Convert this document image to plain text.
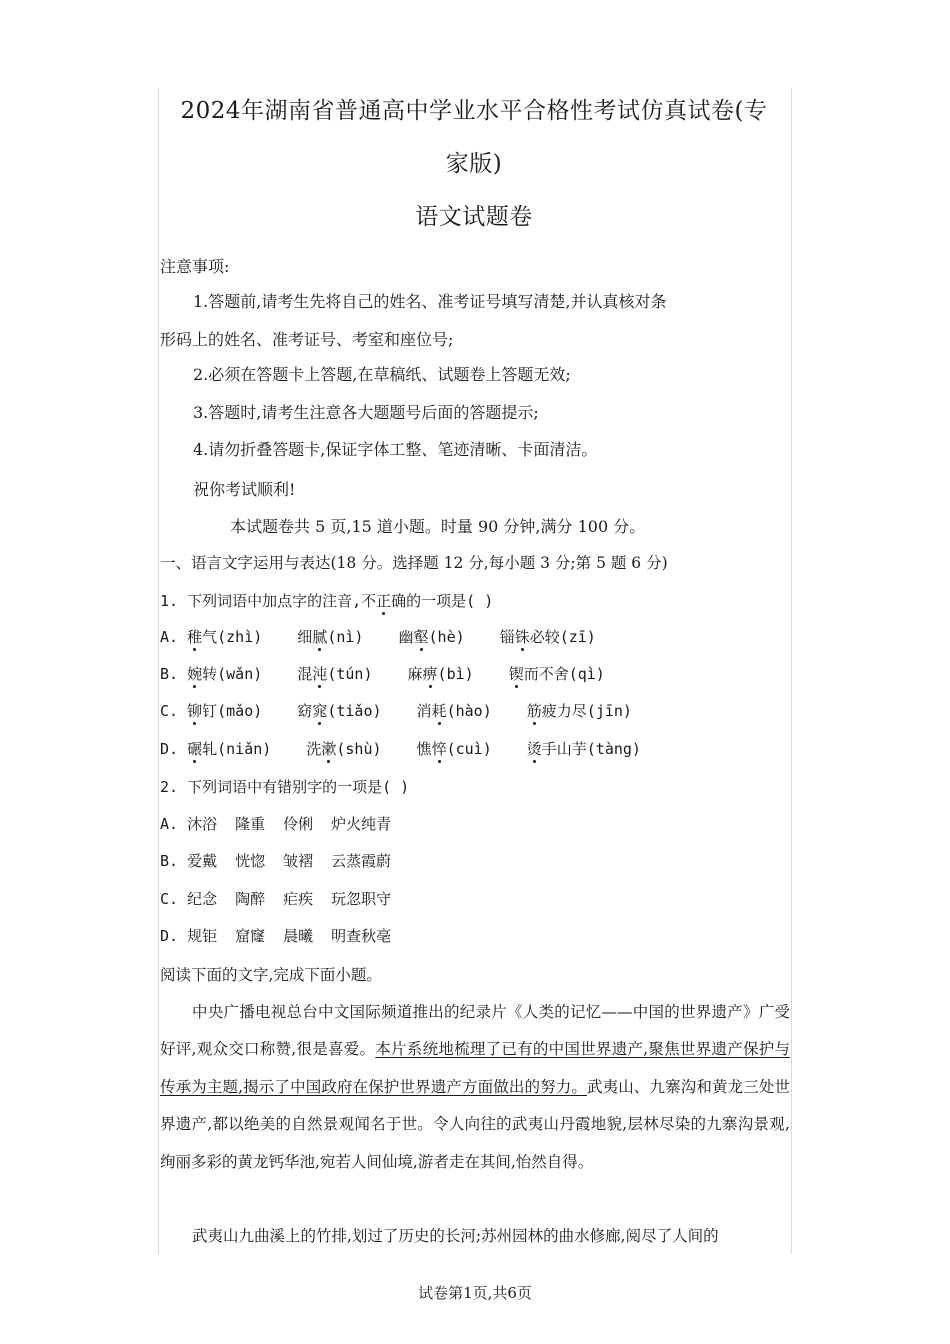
2024年湖南省普通高中学业水平合格性考试仿真试卷(专
家版)
语文试题卷
注意事项:
1.答题前,请考生先将自己的姓名、准考证号填写清楚,并认真核对条
形码上的姓名、准考证号、考室和座位号;
2.必须在答题卡上答题,在草稿纸、试题卷上答题无效;
3.答题时,请考生注意各大题题号后面的答题提示;
4.请勿折叠答题卡,保证字体工整、笔迹清晰、卡面清洁。
祝你考试顺利!
本试题卷共 5 页,15 道小题。时量 90 分钟,满分 100 分。
一、语言文字运用与表达(18 分。选择题 12 分,每小题 3 分;第 5 题 6 分)
1. 下列词语中加点字的注音,不正确的一项是( )
A. 稚气(zhì) 细腻(nì) 幽壑(hè) 锱铢必较(zī)
B. 婉转(wǎn) 混沌(tún) 麻痹(bì) 锲而不舍(qì)
C. 铆钉(mǎo) 窈窕(tiǎo) 消耗(hào) 筋疲力尽(jīn)
D. 碾轧(niǎn) 洗漱(shù) 憔悴(cuì) 烫手山芋(tàng)
2. 下列词语中有错别字的一项是( )
A. 沐浴 隆重 伶俐 炉火纯青
B. 爱戴 恍惚 皱褶 云蒸霞蔚
C. 纪念 陶醉 疟疾 玩忽职守
D. 规钜 窟窿 晨曦 明查秋亳
阅读下面的文字,完成下面小题。
中央广播电视总台中文国际频道推出的纪录片《人类的记忆——中国的世界遗产》广受好评,观众交口称赞,很是喜爱。本片系统地梳理了已有的中国世界遗产,聚焦世界遗产保护与传承为主题,揭示了中国政府在保护世界遗产方面做出的努力。武夷山、九寨沟和黄龙三处世界遗产,都以绝美的自然景观闻名于世。令人向往的武夷山丹霞地貌,层林尽染的九寨沟景观,绚丽多彩的黄龙钙华池,宛若人间仙境,游者走在其间,怡然自得。
武夷山九曲溪上的竹排,划过了历史的长河;苏州园林的曲水修廊,阅尽了人间的
试卷第1页,共6页
